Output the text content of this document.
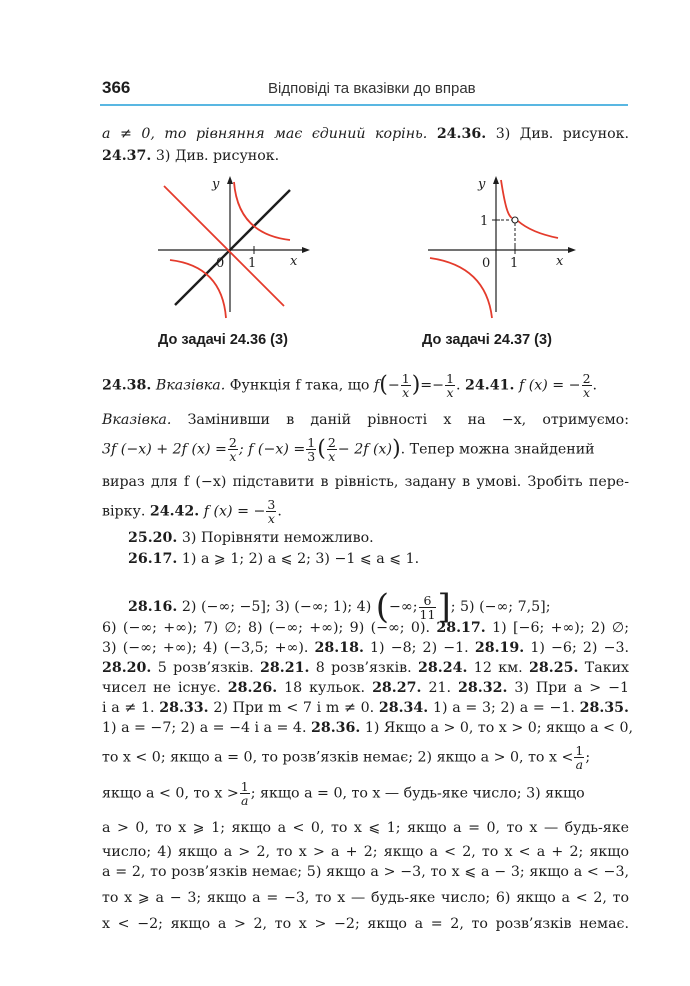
366	Відповіді та вказівки до вправ
a ≠ 0, то рівняння має єдиний корінь. 24.36. 3) Див. рисунок.
24.37. 3) Див. рисунок.
y
x
0 1
y
x
0
1
1
До задачі 24.36 (3)	До задачі 24.37 (3)
24.38. Вказівка. Функція f така, що $f(- \frac{1}{x}$ )=− $\frac{1}{x}$ . 24.41. f (x) = − $\frac{2}{x}$ .
Вказівка. Замінивши в даній рівності x на −x, отримуємо:
3f (−x) + 2f $(x) = \frac{2}{x}$ ; f $(-x) = \frac{1}{3}$ ( $\frac{2}{x} - 2f$ (x)). Тепер можна знайдений
вираз для f (−x) підставити в рівність, задану в умові. Зробіть пере-
вірку. 24.42. f (x) = − $\frac{3}{x}$ .
25.20. 3) Порівняти неможливо.
26.17. 1) a ⩾ 1; 2) a ⩽ 2; 3) −1 ⩽ a ⩽ 1.
28.16. 2) (−∞; −5]; 3) (−∞; 1); 4) (−∞; $\frac{6}{11}$ ]; 5) (−∞; 7,5];
6) (−∞; +∞); 7) ∅; 8) (−∞; +∞); 9) (−∞; 0). 28.17. 1) [−6; +∞); 2) ∅;
3) (−∞; +∞); 4) (−3,5; +∞). 28.18. 1) −8; 2) −1. 28.19. 1) −6; 2) −3.
28.20. 5 розв’язків. 28.21. 8 розв’язків. 28.24. 12 км. 28.25. Таких
чисел не існує. 28.26. 18 кульок. 28.27. 21. 28.32. 3) При a > −1
і a ≠ 1. 28.33. 2) При m < 7 і m ≠ 0. 28.34. 1) a = 3; 2) a = −1. 28.35.
1) a = −7; 2) a = −4 і a = 4. 28.36. 1) Якщо a > 0, то x > 0; якщо a < 0,
то x < 0; якщо a = 0, то розв’язків немає; 2) якщо a > 0, то $x < \frac{1}{a}$ ;
якщо a < 0, то $x > \frac{1}{a}$ ; якщо a = 0, то x — будь-яке число; 3) якщо
a > 0, то x ⩾ 1; якщо a < 0, то x ⩽ 1; якщо a = 0, то x — будь-яке
число; 4) якщо a > 2, то x > a + 2; якщо a < 2, то x < a + 2; якщо
a = 2, то розв’язків немає; 5) якщо a > −3, то x ⩽ a − 3; якщо a < −3,
то x ⩾ a − 3; якщо a = −3, то x — будь-яке число; 6) якщо a < 2, то
x < −2; якщо a > 2, то x > −2; якщо a = 2, то розв’язків немає.
